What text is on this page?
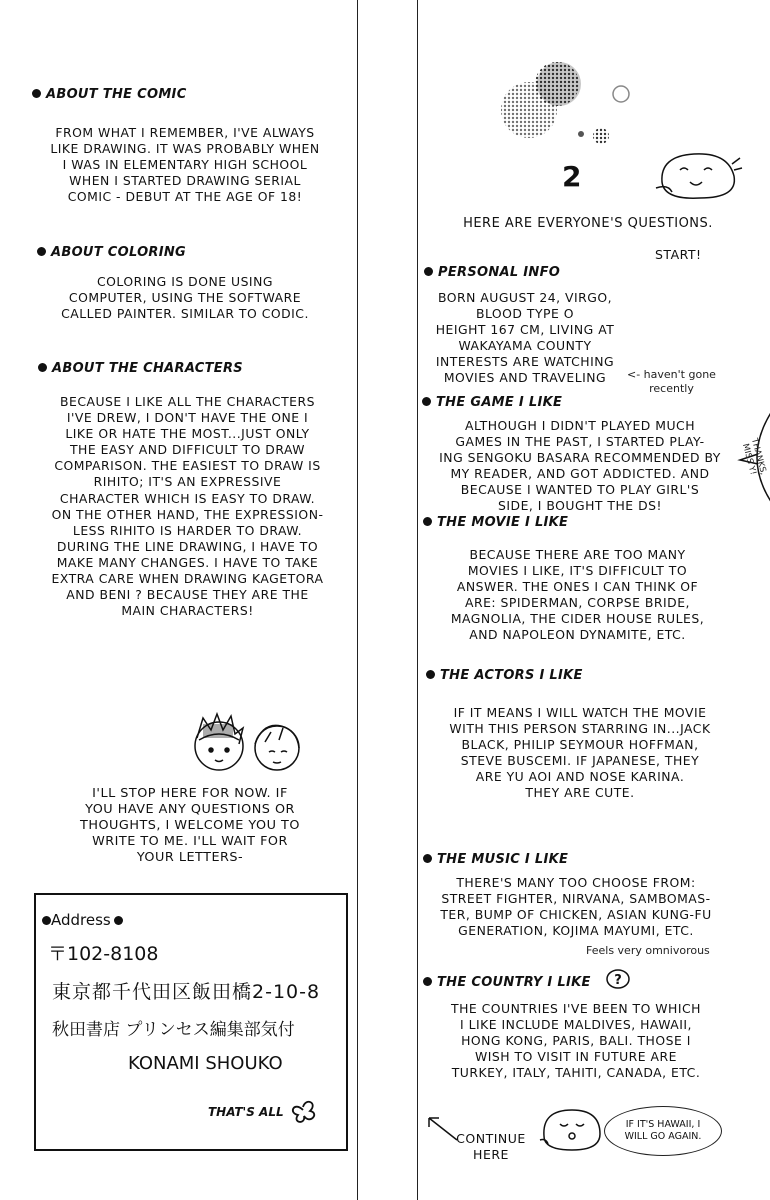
ABOUT THE COMIC
FROM WHAT I REMEMBER, I'VE ALWAYS
LIKE DRAWING. IT WAS PROBABLY WHEN
I WAS IN ELEMENTARY HIGH SCHOOL
WHEN I STARTED DRAWING SERIAL
COMIC - DEBUT AT THE AGE OF 18!
ABOUT COLORING
COLORING IS DONE USING
COMPUTER, USING THE SOFTWARE
CALLED PAINTER. SIMILAR TO CODIC.
ABOUT THE CHARACTERS
BECAUSE I LIKE ALL THE CHARACTERS
I'VE DREW, I DON'T HAVE THE ONE I
LIKE OR HATE THE MOST...JUST ONLY
THE EASY AND DIFFICULT TO DRAW
COMPARISON. THE EASIEST TO DRAW IS
RIHITO; IT'S AN EXPRESSIVE
CHARACTER WHICH IS EASY TO DRAW.
ON THE OTHER HAND, THE EXPRESSION-
LESS RIHITO IS HARDER TO DRAW.
DURING THE LINE DRAWING, I HAVE TO
MAKE MANY CHANGES. I HAVE TO TAKE
EXTRA CARE WHEN DRAWING KAGETORA
AND BENI ? BECAUSE THEY ARE THE
MAIN CHARACTERS!
I'LL STOP HERE FOR NOW. IF
YOU HAVE ANY QUESTIONS OR
THOUGHTS, I WELCOME YOU TO
WRITE TO ME. I'LL WAIT FOR
YOUR LETTERS-
Address
〒102-8108
東京都千代田区飯田橋2-10-8
秋田書店 プリンセス編集部気付
KONAMI SHOUKO
THAT'S ALL
2
HERE ARE EVERYONE'S QUESTIONS.
START!
PERSONAL INFO
BORN AUGUST 24, VIRGO,
BLOOD TYPE O
HEIGHT 167 CM, LIVING AT
WAKAYAMA COUNTY
INTERESTS ARE WATCHING
MOVIES AND TRAVELING	<- haven't gone
recently
THE GAME I LIKE
ALTHOUGH I DIDN'T PLAYED MUCH
GAMES IN THE PAST, I STARTED PLAY-
ING SENGOKU BASARA RECOMMENDED BY
MY READER, AND GOT ADDICTED. AND
BECAUSE I WANTED TO PLAY GIRL'S
SIDE, I BOUGHT THE DS!
THANKS,
MISS Y!
THE MOVIE I LIKE
BECAUSE THERE ARE TOO MANY
MOVIES I LIKE, IT'S DIFFICULT TO
ANSWER. THE ONES I CAN THINK OF
ARE: SPIDERMAN, CORPSE BRIDE,
MAGNOLIA, THE CIDER HOUSE RULES,
AND NAPOLEON DYNAMITE, ETC.
THE ACTORS I LIKE
IF IT MEANS I WILL WATCH THE MOVIE
WITH THIS PERSON STARRING IN...JACK
BLACK, PHILIP SEYMOUR HOFFMAN,
STEVE BUSCEMI. IF JAPANESE, THEY
ARE YU AOI AND NOSE KARINA.
THEY ARE CUTE.
THE MUSIC I LIKE
THERE'S MANY TOO CHOOSE FROM:
STREET FIGHTER, NIRVANA, SAMBOMAS-
TER, BUMP OF CHICKEN, ASIAN KUNG-FU
GENERATION, KOJIMA MAYUMI, ETC.
Feels very omnivorous
THE COUNTRY I LIKE ?
THE COUNTRIES I'VE BEEN TO WHICH
I LIKE INCLUDE MALDIVES, HAWAII,
HONG KONG, PARIS, BALI. THOSE I
WISH TO VISIT IN FUTURE ARE
TURKEY, ITALY, TAHITI, CANADA, ETC.
CONTINUE
HERE
IF IT'S HAWAII, I
WILL GO AGAIN.
